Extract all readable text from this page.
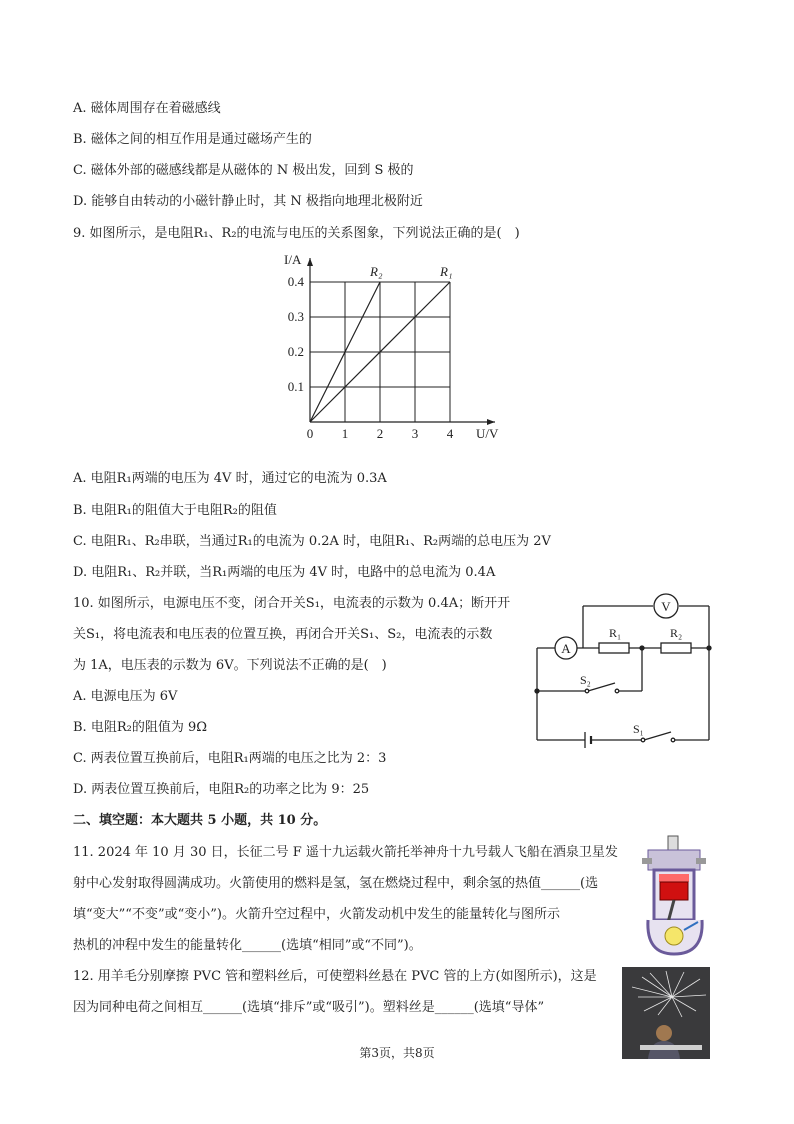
A. 磁体周围存在着磁感线
B. 磁体之间的相互作用是通过磁场产生的
C. 磁体外部的磁感线都是从磁体的 N 极出发，回到 S 极的
D. 能够自由转动的小磁针静止时，其 N 极指向地理北极附近
9. 如图所示，是电阻R₁、R₂的电流与电压的关系图象，下列说法正确的是(　)
I/A
U/V
R₂	R₁
0 1 2 3 4
0.1
0.2
0.3
0.4
A. 电阻R₁两端的电压为 4V 时，通过它的电流为 0.3A
B. 电阻R₁的阻值大于电阻R₂的阻值
C. 电阻R₁、R₂串联，当通过R₁的电流为 0.2A 时，电阻R₁、R₂两端的总电压为 2V
D. 电阻R₁、R₂并联，当R₁两端的电压为 4V 时，电路中的总电流为 0.4A
10. 如图所示，电源电压不变，闭合开关S₁，电流表的示数为 0.4A；断开开
关S₁，将电流表和电压表的位置互换，再闭合开关S₁、S₂，电流表的示数
为 1A，电压表的示数为 6V。下列说法不正确的是(　)
A. 电源电压为 6V
B. 电阻R₂的阻值为 9Ω
C. 两表位置互换前后，电阻R₁两端的电压之比为 2：3
D. 两表位置互换前后，电阻R₂的功率之比为 9：25
V
A
R₁	R₂
S₂
S₁
二、填空题：本大题共 5 小题，共 10 分。
11. 2024 年 10 月 30 日，长征二号 F 遥十九运载火箭托举神舟十九号载人飞船在酒泉卫星发
射中心发射取得圆满成功。火箭使用的燃料是氢，氢在燃烧过程中，剩余氢的热值______(选
填“变大”“不变”或“变小”)。火箭升空过程中，火箭发动机中发生的能量转化与图所示
热机的冲程中发生的能量转化______(选填“相同”或“不同”)。
12. 用羊毛分别摩擦 PVC 管和塑料丝后，可使塑料丝悬在 PVC 管的上方(如图所示)，这是
因为同种电荷之间相互______(选填“排斥”或“吸引”)。塑料丝是______(选填“导体”
第3页，共8页
